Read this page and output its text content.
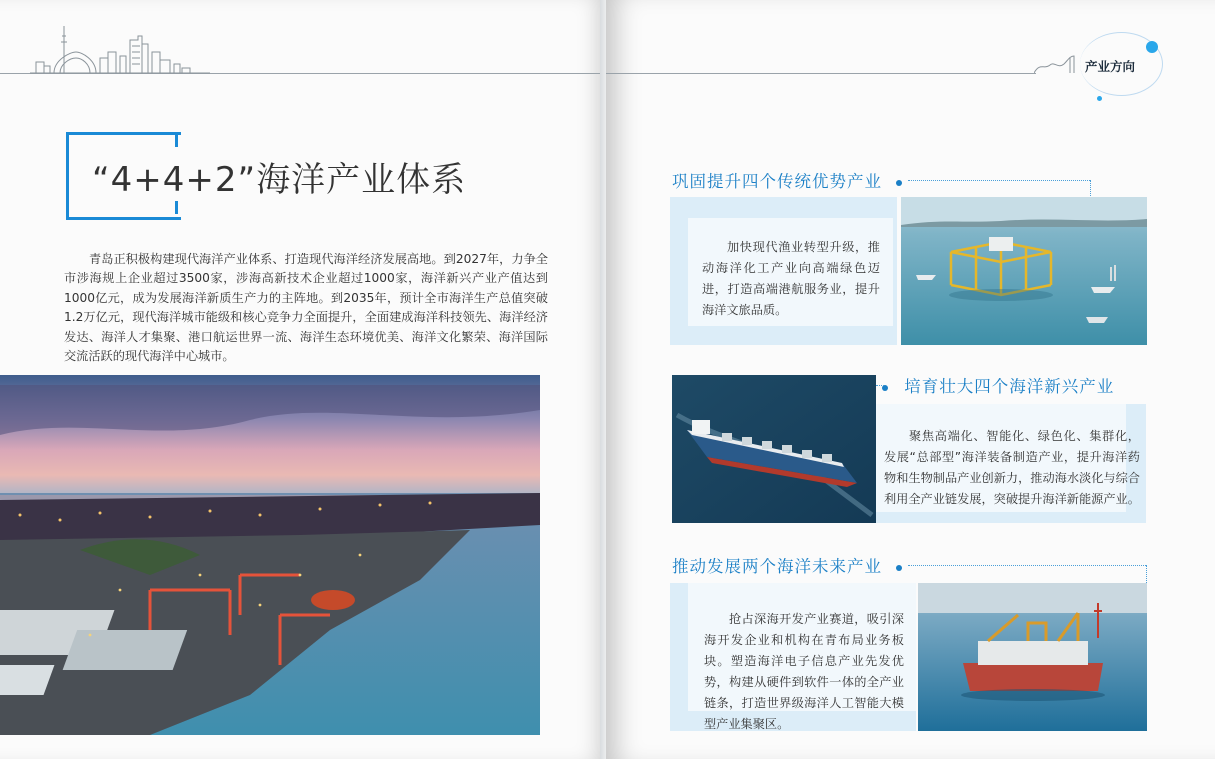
“4+4+2”海洋产业体系
青岛正积极构建现代海洋产业体系、打造现代海洋经济发展高地。到2027年，力争全市涉海规上企业超过3500家，涉海高新技术企业超过1000家，海洋新兴产业产值达到1000亿元，成为发展海洋新质生产力的主阵地。到2035年，预计全市海洋生产总值突破1.2万亿元，现代海洋城市能级和核心竞争力全面提升，全面建成海洋科技领先、海洋经济发达、海洋人才集聚、港口航运世界一流、海洋生态环境优美、海洋文化繁荣、海洋国际交流活跃的现代海洋中心城市。
产业方向
巩固提升四个传统优势产业

加快现代渔业转型升级，推动海洋化工产业向高端绿色迈进，打造高端港航服务业，提升海洋文旅品质。

培育壮大四个海洋新兴产业

聚焦高端化、智能化、绿色化、集群化，发展“总部型”海洋装备制造产业，提升海洋药物和生物制品产业创新力，推动海水淡化与综合利用全产业链发展，突破提升海洋新能源产业。

推动发展两个海洋未来产业

抢占深海开发产业赛道，吸引深海开发企业和机构在青布局业务板块。塑造海洋电子信息产业先发优势，构建从硬件到软件一体的全产业链条，打造世界级海洋人工智能大模型产业集聚区。
